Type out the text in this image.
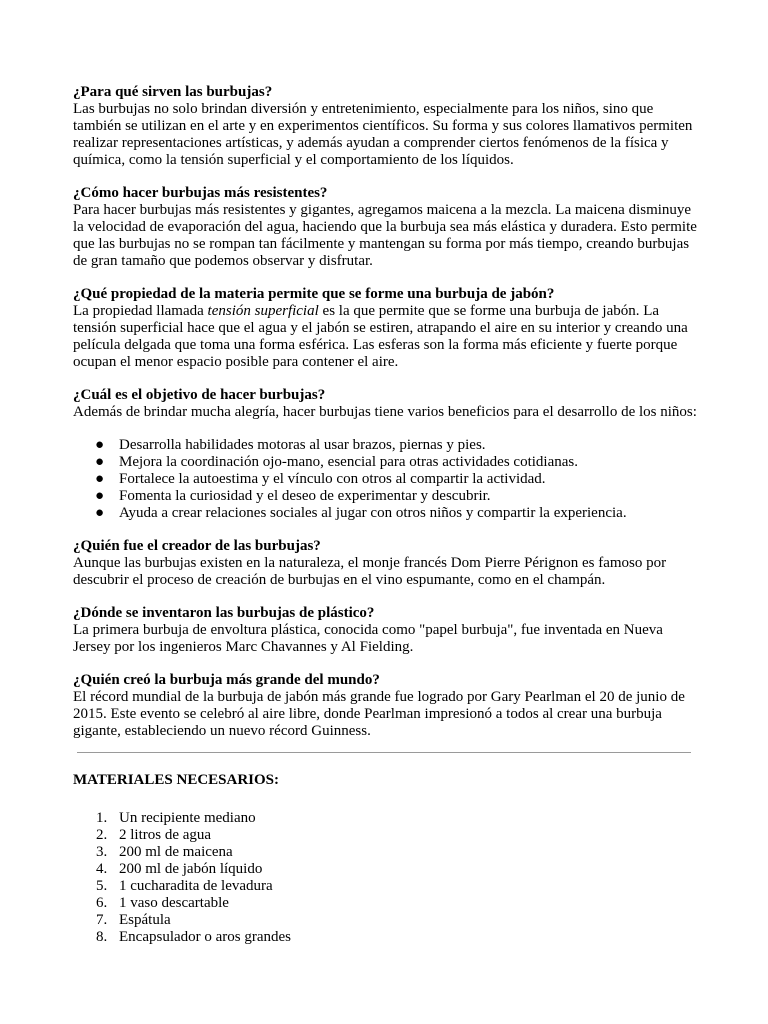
¿Para qué sirven las burbujas?

Las burbujas no solo brindan diversión y entretenimiento, especialmente para los niños, sino que también se utilizan en el arte y en experimentos científicos. Su forma y sus colores llamativos permiten realizar representaciones artísticas, y además ayudan a comprender ciertos fenómenos de la física y química, como la tensión superficial y el comportamiento de los líquidos.

¿Cómo hacer burbujas más resistentes?

Para hacer burbujas más resistentes y gigantes, agregamos maicena a la mezcla. La maicena disminuye la velocidad de evaporación del agua, haciendo que la burbuja sea más elástica y duradera. Esto permite que las burbujas no se rompan tan fácilmente y mantengan su forma por más tiempo, creando burbujas de gran tamaño que podemos observar y disfrutar.

¿Qué propiedad de la materia permite que se forme una burbuja de jabón?

La propiedad llamada tensión superficial es la que permite que se forme una burbuja de jabón. La tensión superficial hace que el agua y el jabón se estiren, atrapando el aire en su interior y creando una película delgada que toma una forma esférica. Las esferas son la forma más eficiente y fuerte porque ocupan el menor espacio posible para contener el aire.

¿Cuál es el objetivo de hacer burbujas?

Además de brindar mucha alegría, hacer burbujas tiene varios beneficios para el desarrollo de los niños:

● Desarrolla habilidades motoras al usar brazos, piernas y pies.
● Mejora la coordinación ojo-mano, esencial para otras actividades cotidianas.
● Fortalece la autoestima y el vínculo con otros al compartir la actividad.
● Fomenta la curiosidad y el deseo de experimentar y descubrir.
● Ayuda a crear relaciones sociales al jugar con otros niños y compartir la experiencia.

¿Quién fue el creador de las burbujas?

Aunque las burbujas existen en la naturaleza, el monje francés Dom Pierre Pérignon es famoso por descubrir el proceso de creación de burbujas en el vino espumante, como en el champán.

¿Dónde se inventaron las burbujas de plástico?

La primera burbuja de envoltura plástica, conocida como "papel burbuja", fue inventada en Nueva Jersey por los ingenieros Marc Chavannes y Al Fielding.

¿Quién creó la burbuja más grande del mundo?

El récord mundial de la burbuja de jabón más grande fue logrado por Gary Pearlman el 20 de junio de 2015. Este evento se celebró al aire libre, donde Pearlman impresionó a todos al crear una burbuja gigante, estableciendo un nuevo récord Guinness.

MATERIALES NECESARIOS:

1. Un recipiente mediano
2. 2 litros de agua
3. 200 ml de maicena
4. 200 ml de jabón líquido
5. 1 cucharadita de levadura
6. 1 vaso descartable
7. Espátula
8. Encapsulador o aros grandes
